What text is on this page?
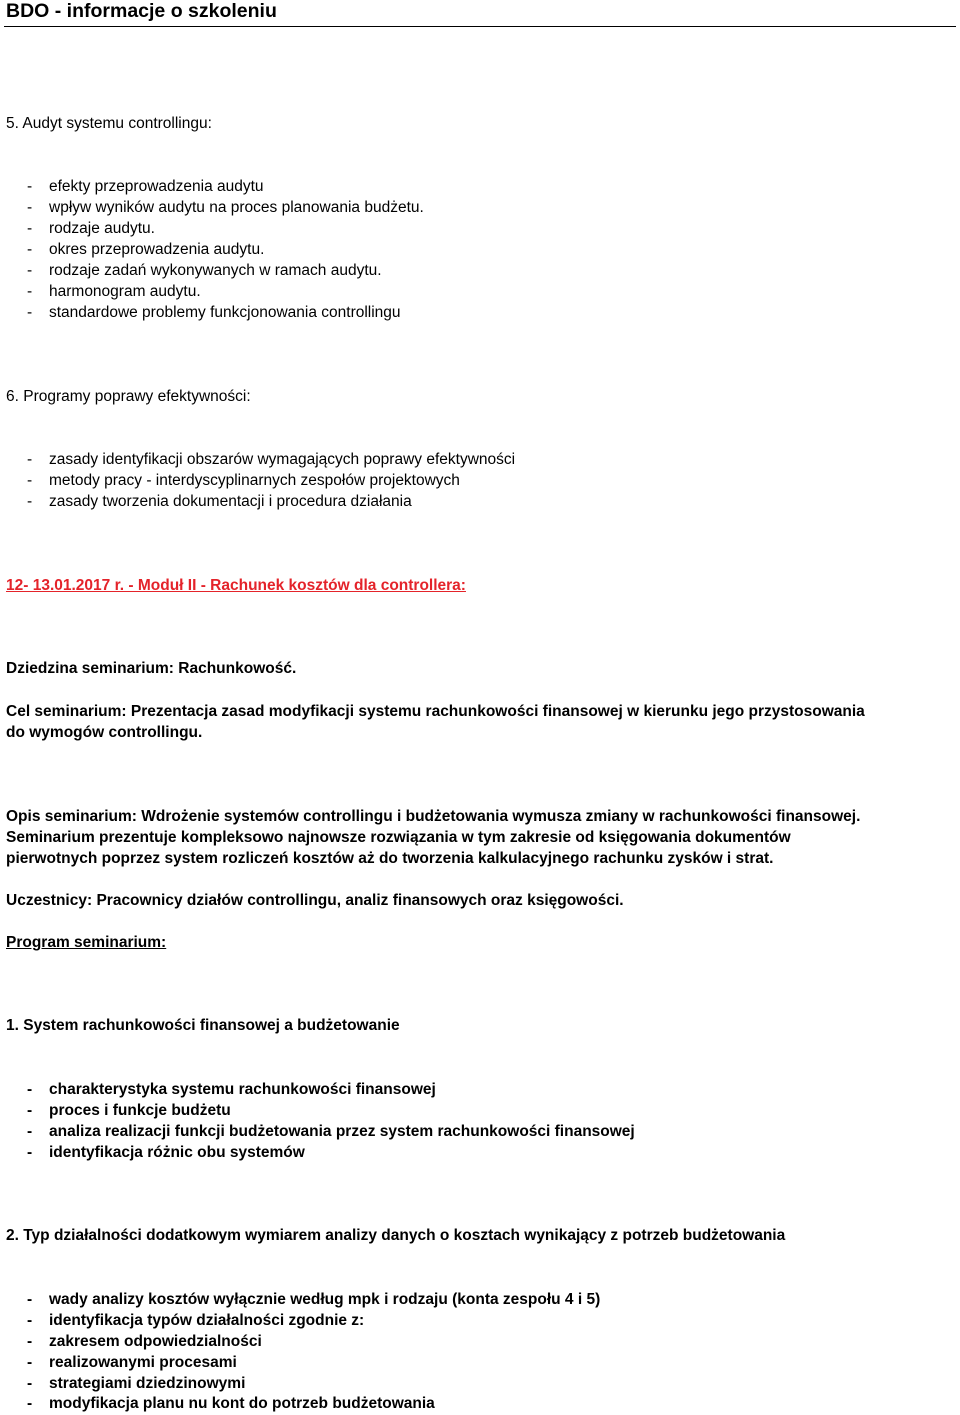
BDO - informacje o szkoleniu
5. Audyt systemu controllingu:
- efekty przeprowadzenia audytu
- wpływ wyników audytu na proces planowania budżetu.
- rodzaje audytu.
- okres przeprowadzenia audytu.
- rodzaje zadań wykonywanych w ramach audytu.
- harmonogram audytu.
- standardowe problemy funkcjonowania controllingu
6. Programy poprawy efektywności:
- zasady identyfikacji obszarów wymagających poprawy efektywności
- metody pracy - interdyscyplinarnych zespołów projektowych
- zasady tworzenia dokumentacji i procedura działania
12- 13.01.2017 r. - Moduł II - Rachunek kosztów dla controllera:
Dziedzina seminarium: Rachunkowość.
Cel seminarium: Prezentacja zasad modyfikacji systemu rachunkowości finansowej w kierunku jego przystosowania
do wymogów controllingu.
Opis seminarium: Wdrożenie systemów controllingu i budżetowania wymusza zmiany w rachunkowości finansowej.
Seminarium prezentuje kompleksowo najnowsze rozwiązania w tym zakresie od księgowania dokumentów
pierwotnych poprzez system rozliczeń kosztów aż do tworzenia kalkulacyjnego rachunku zysków i strat.
Uczestnicy: Pracownicy działów controllingu, analiz finansowych oraz księgowości.
Program seminarium:
1. System rachunkowości finansowej a budżetowanie
- charakterystyka systemu rachunkowości finansowej
- proces i funkcje budżetu
- analiza realizacji funkcji budżetowania przez system rachunkowości finansowej
- identyfikacja różnic obu systemów
2. Typ działalności dodatkowym wymiarem analizy danych o kosztach wynikający z potrzeb budżetowania
- wady analizy kosztów wyłącznie według mpk i rodzaju (konta zespołu 4 i 5)
- identyfikacja typów działalności zgodnie z:
- zakresem odpowiedzialności
- realizowanymi procesami
- strategiami dziedzinowymi
- modyfikacja planu nu kont do potrzeb budżetowania
